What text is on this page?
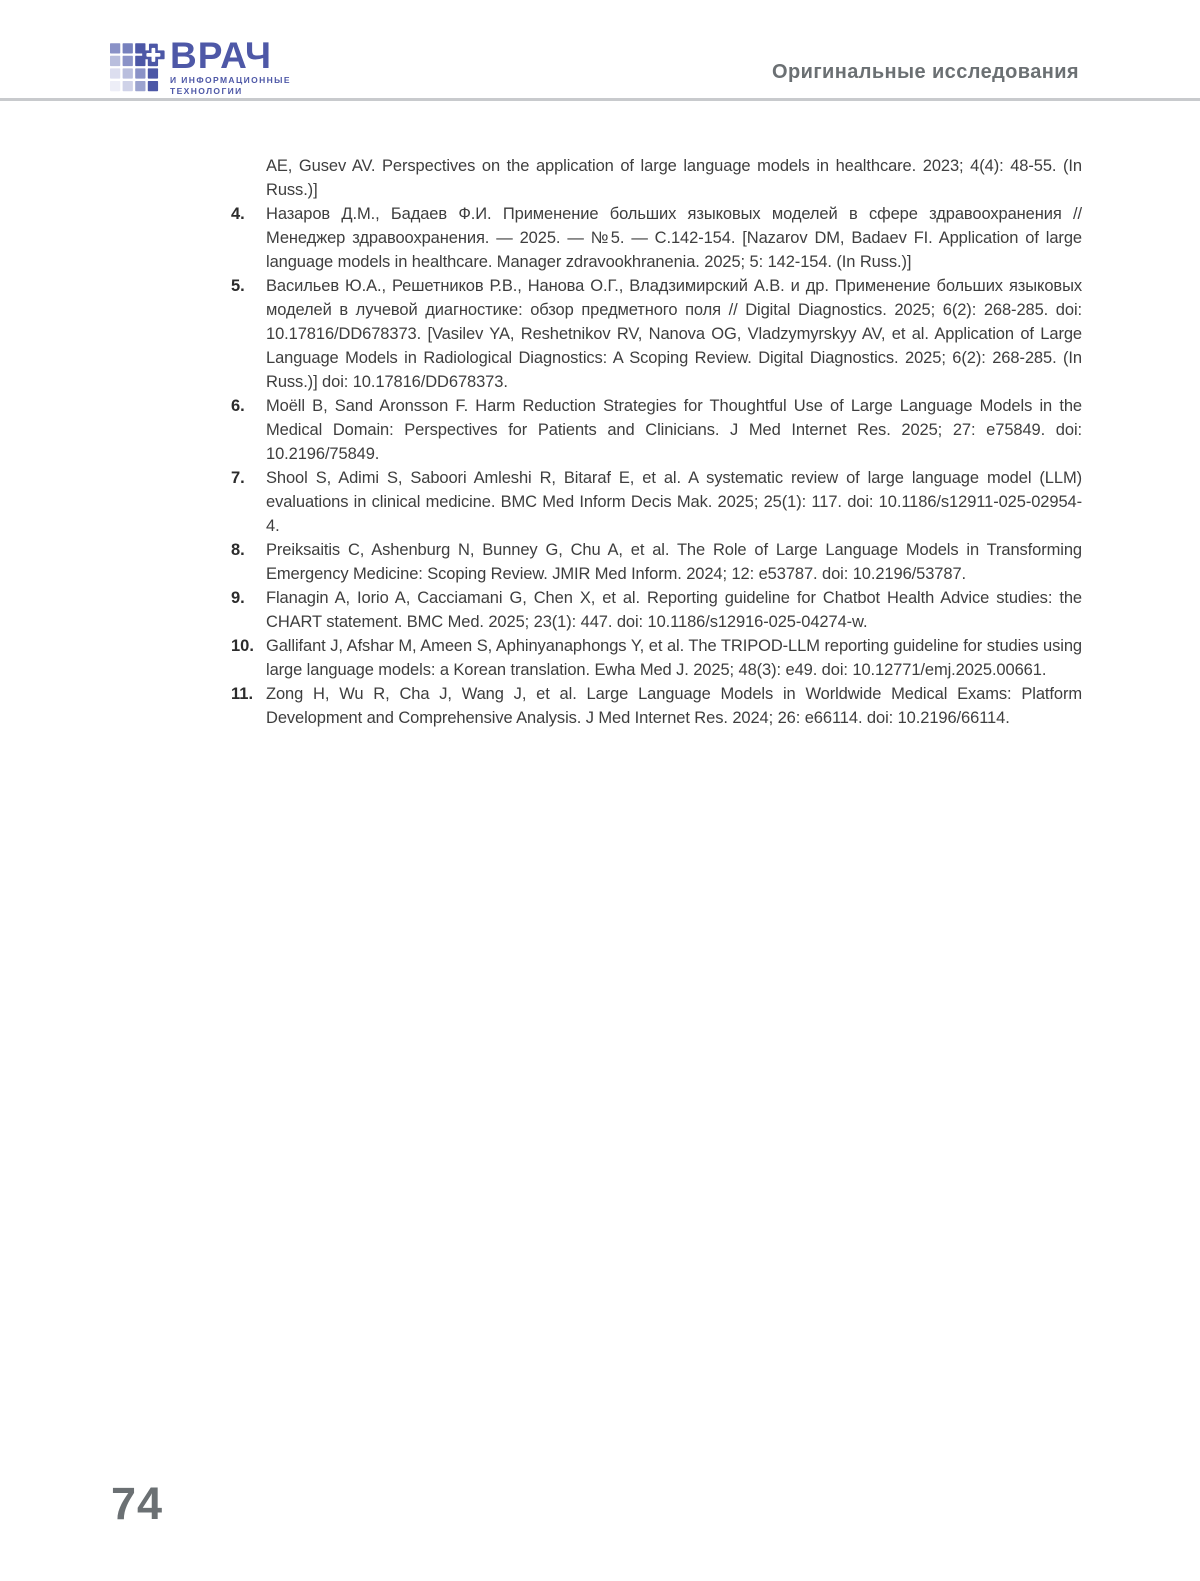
ВРАЧ
И ИНФОРМАЦИОННЫЕ
ТЕХНОЛОГИИ
Оригинальные исследования

AE, Gusev AV. Perspectives on the application of large language models in healthcare. 2023; 4(4): 48-55. (In Russ.)]

4.	Назаров Д.М., Бадаев Ф.И. Применение больших языковых моделей в сфере здравоохранения // Менеджер здравоохранения. — 2025. — №5. — С.142-154. [Nazarov DM, Badaev FI. Application of large language models in healthcare. Manager zdravookhranenia. 2025; 5: 142-154. (In Russ.)]

5.	Васильев Ю.А., Решетников Р.В., Нанова О.Г., Владзимирский А.В. и др. Применение больших языковых моделей в лучевой диагностике: обзор предметного поля // Digital Diagnostics. 2025; 6(2): 268-285. doi: 10.17816/DD678373. [Vasilev YA, Reshetnikov RV, Nanova OG, Vladzymyrskyy AV, et al. Application of Large Language Models in Radiological Diagnostics: A Scoping Review. Digital Diagnostics. 2025; 6(2): 268-285. (In Russ.)] doi: 10.17816/DD678373.

6.	Moëll B, Sand Aronsson F. Harm Reduction Strategies for Thoughtful Use of Large Language Models in the Medical Domain: Perspectives for Patients and Clinicians. J Med Internet Res. 2025; 27: e75849. doi: 10.2196/75849.

7.	Shool S, Adimi S, Saboori Amleshi R, Bitaraf E, et al. A systematic review of large language model (LLM) evaluations in clinical medicine. BMC Med Inform Decis Mak. 2025; 25(1): 117. doi: 10.1186/s12911-025-02954-4.

8.	Preiksaitis C, Ashenburg N, Bunney G, Chu A, et al. The Role of Large Language Models in Transforming Emergency Medicine: Scoping Review. JMIR Med Inform. 2024; 12: e53787. doi: 10.2196/53787.

9.	Flanagin A, Iorio A, Cacciamani G, Chen X, et al. Reporting guideline for Chatbot Health Advice studies: the CHART statement. BMC Med. 2025; 23(1): 447. doi: 10.1186/s12916-025-04274-w.

10. Gallifant J, Afshar M, Ameen S, Aphinyanaphongs Y, et al. The TRIPOD-LLM reporting guideline for studies using large language models: a Korean translation. Ewha Med J. 2025; 48(3): e49. doi: 10.12771/emj.2025.00661.

11. Zong H, Wu R, Cha J, Wang J, et al. Large Language Models in Worldwide Medical Exams: Platform Development and Comprehensive Analysis. J Med Internet Res. 2024; 26: e66114. doi: 10.2196/66114.

74
